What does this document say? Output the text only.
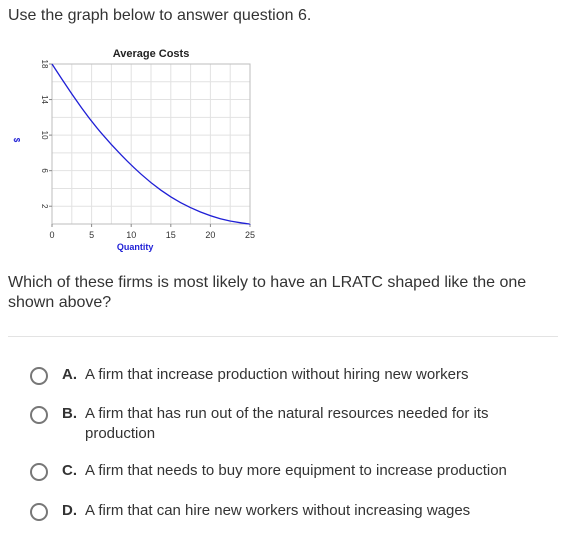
Use the graph below to answer question 6.
Average Costs
0	5	10	15	20	25
2
6
10
14
18
Quantity
$
Which of these firms is most likely to have an LRATC shaped like the one shown above?
A. A firm that increase production without hiring new workers
B. A firm that has run out of the natural resources needed for its production
C. A firm that needs to buy more equipment to increase production
D. A firm that can hire new workers without increasing wages
